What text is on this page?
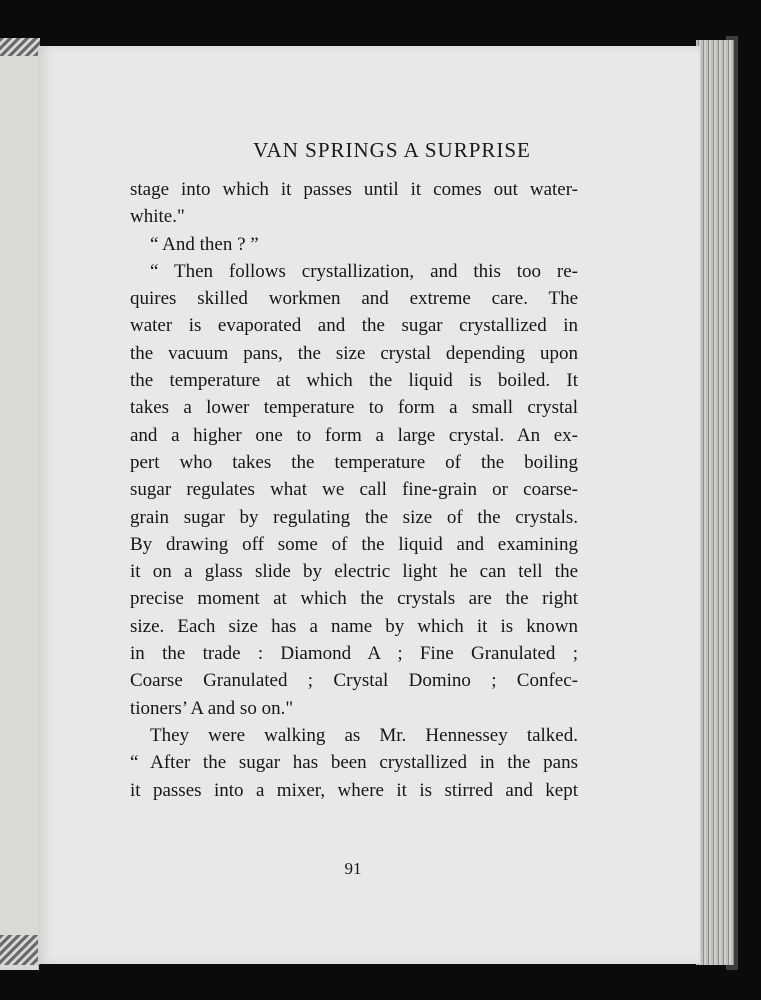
VAN SPRINGS A SURPRISE
stage into which it passes until it comes out water-
white."
“ And then ? ”
“ Then follows crystallization, and this too re-
quires skilled workmen and extreme care. The
water is evaporated and the sugar crystallized in
the vacuum pans, the size crystal depending upon
the temperature at which the liquid is boiled. It
takes a lower temperature to form a small crystal
and a higher one to form a large crystal. An ex-
pert who takes the temperature of the boiling
sugar regulates what we call fine-grain or coarse-
grain sugar by regulating the size of the crystals.
By drawing off some of the liquid and examining
it on a glass slide by electric light he can tell the
precise moment at which the crystals are the right
size. Each size has a name by which it is known
in the trade : Diamond A ; Fine Granulated ;
Coarse Granulated ; Crystal Domino ; Confec-
tioners’ A and so on."
They were walking as Mr. Hennessey talked.
“ After the sugar has been crystallized in the pans
it passes into a mixer, where it is stirred and kept
91
